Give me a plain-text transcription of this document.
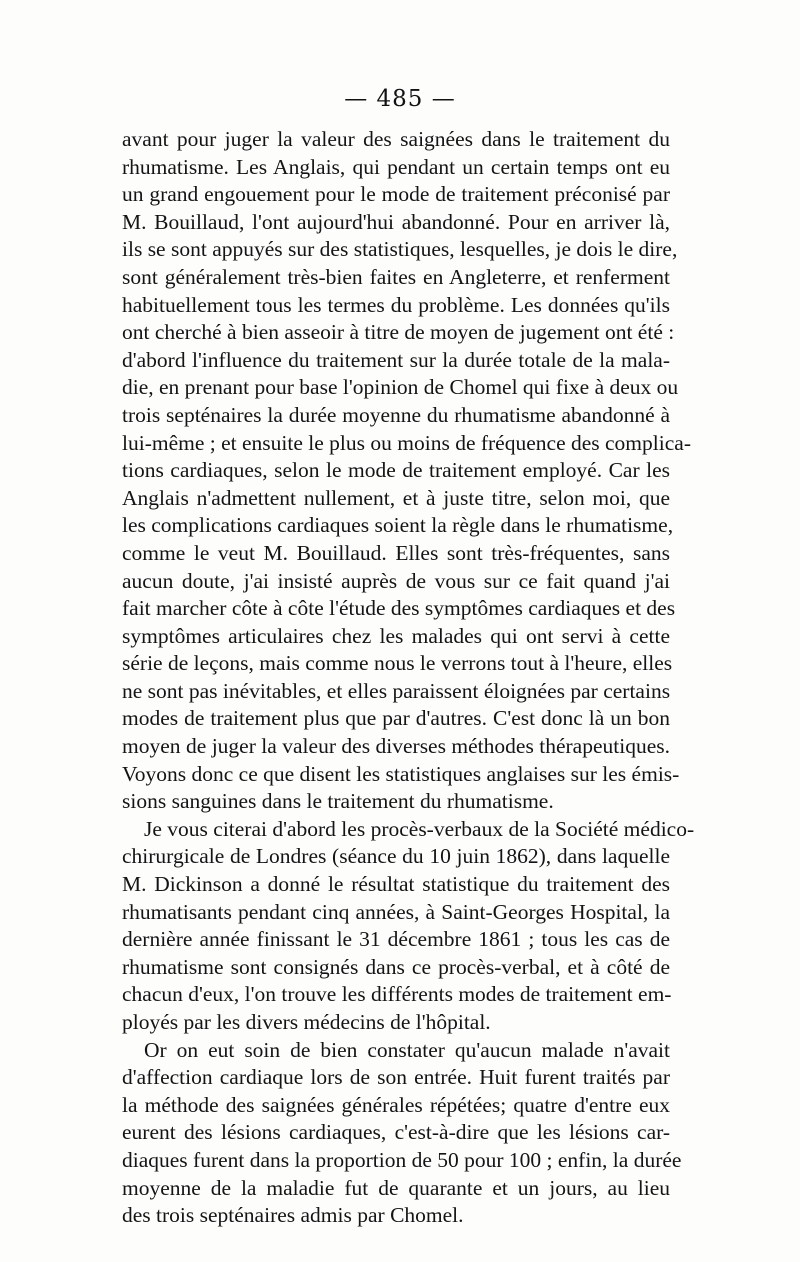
— 485 —
avant pour juger la valeur des saignées dans le traitement du
rhumatisme. Les Anglais, qui pendant un certain temps ont eu
un grand engouement pour le mode de traitement préconisé par
M. Bouillaud, l'ont aujourd'hui abandonné. Pour en arriver là,
ils se sont appuyés sur des statistiques, lesquelles, je dois le dire,
sont généralement très-bien faites en Angleterre, et renferment
habituellement tous les termes du problème. Les données qu'ils
ont cherché à bien asseoir à titre de moyen de jugement ont été :
d'abord l'influence du traitement sur la durée totale de la mala-
die, en prenant pour base l'opinion de Chomel qui fixe à deux ou
trois septénaires la durée moyenne du rhumatisme abandonné à
lui-même ; et ensuite le plus ou moins de fréquence des complica-
tions cardiaques, selon le mode de traitement employé. Car les
Anglais n'admettent nullement, et à juste titre, selon moi, que
les complications cardiaques soient la règle dans le rhumatisme,
comme le veut M. Bouillaud. Elles sont très-fréquentes, sans
aucun doute, j'ai insisté auprès de vous sur ce fait quand j'ai
fait marcher côte à côte l'étude des symptômes cardiaques et des
symptômes articulaires chez les malades qui ont servi à cette
série de leçons, mais comme nous le verrons tout à l'heure, elles
ne sont pas inévitables, et elles paraissent éloignées par certains
modes de traitement plus que par d'autres. C'est donc là un bon
moyen de juger la valeur des diverses méthodes thérapeutiques.
Voyons donc ce que disent les statistiques anglaises sur les émis-
sions sanguines dans le traitement du rhumatisme.
Je vous citerai d'abord les procès-verbaux de la Société médico-
chirurgicale de Londres (séance du 10 juin 1862), dans laquelle
M. Dickinson a donné le résultat statistique du traitement des
rhumatisants pendant cinq années, à Saint-Georges Hospital, la
dernière année finissant le 31 décembre 1861 ; tous les cas de
rhumatisme sont consignés dans ce procès-verbal, et à côté de
chacun d'eux, l'on trouve les différents modes de traitement em-
ployés par les divers médecins de l'hôpital.
Or on eut soin de bien constater qu'aucun malade n'avait
d'affection cardiaque lors de son entrée. Huit furent traités par
la méthode des saignées générales répétées; quatre d'entre eux
eurent des lésions cardiaques, c'est-à-dire que les lésions car-
diaques furent dans la proportion de 50 pour 100 ; enfin, la durée
moyenne de la maladie fut de quarante et un jours, au lieu
des trois septénaires admis par Chomel.
